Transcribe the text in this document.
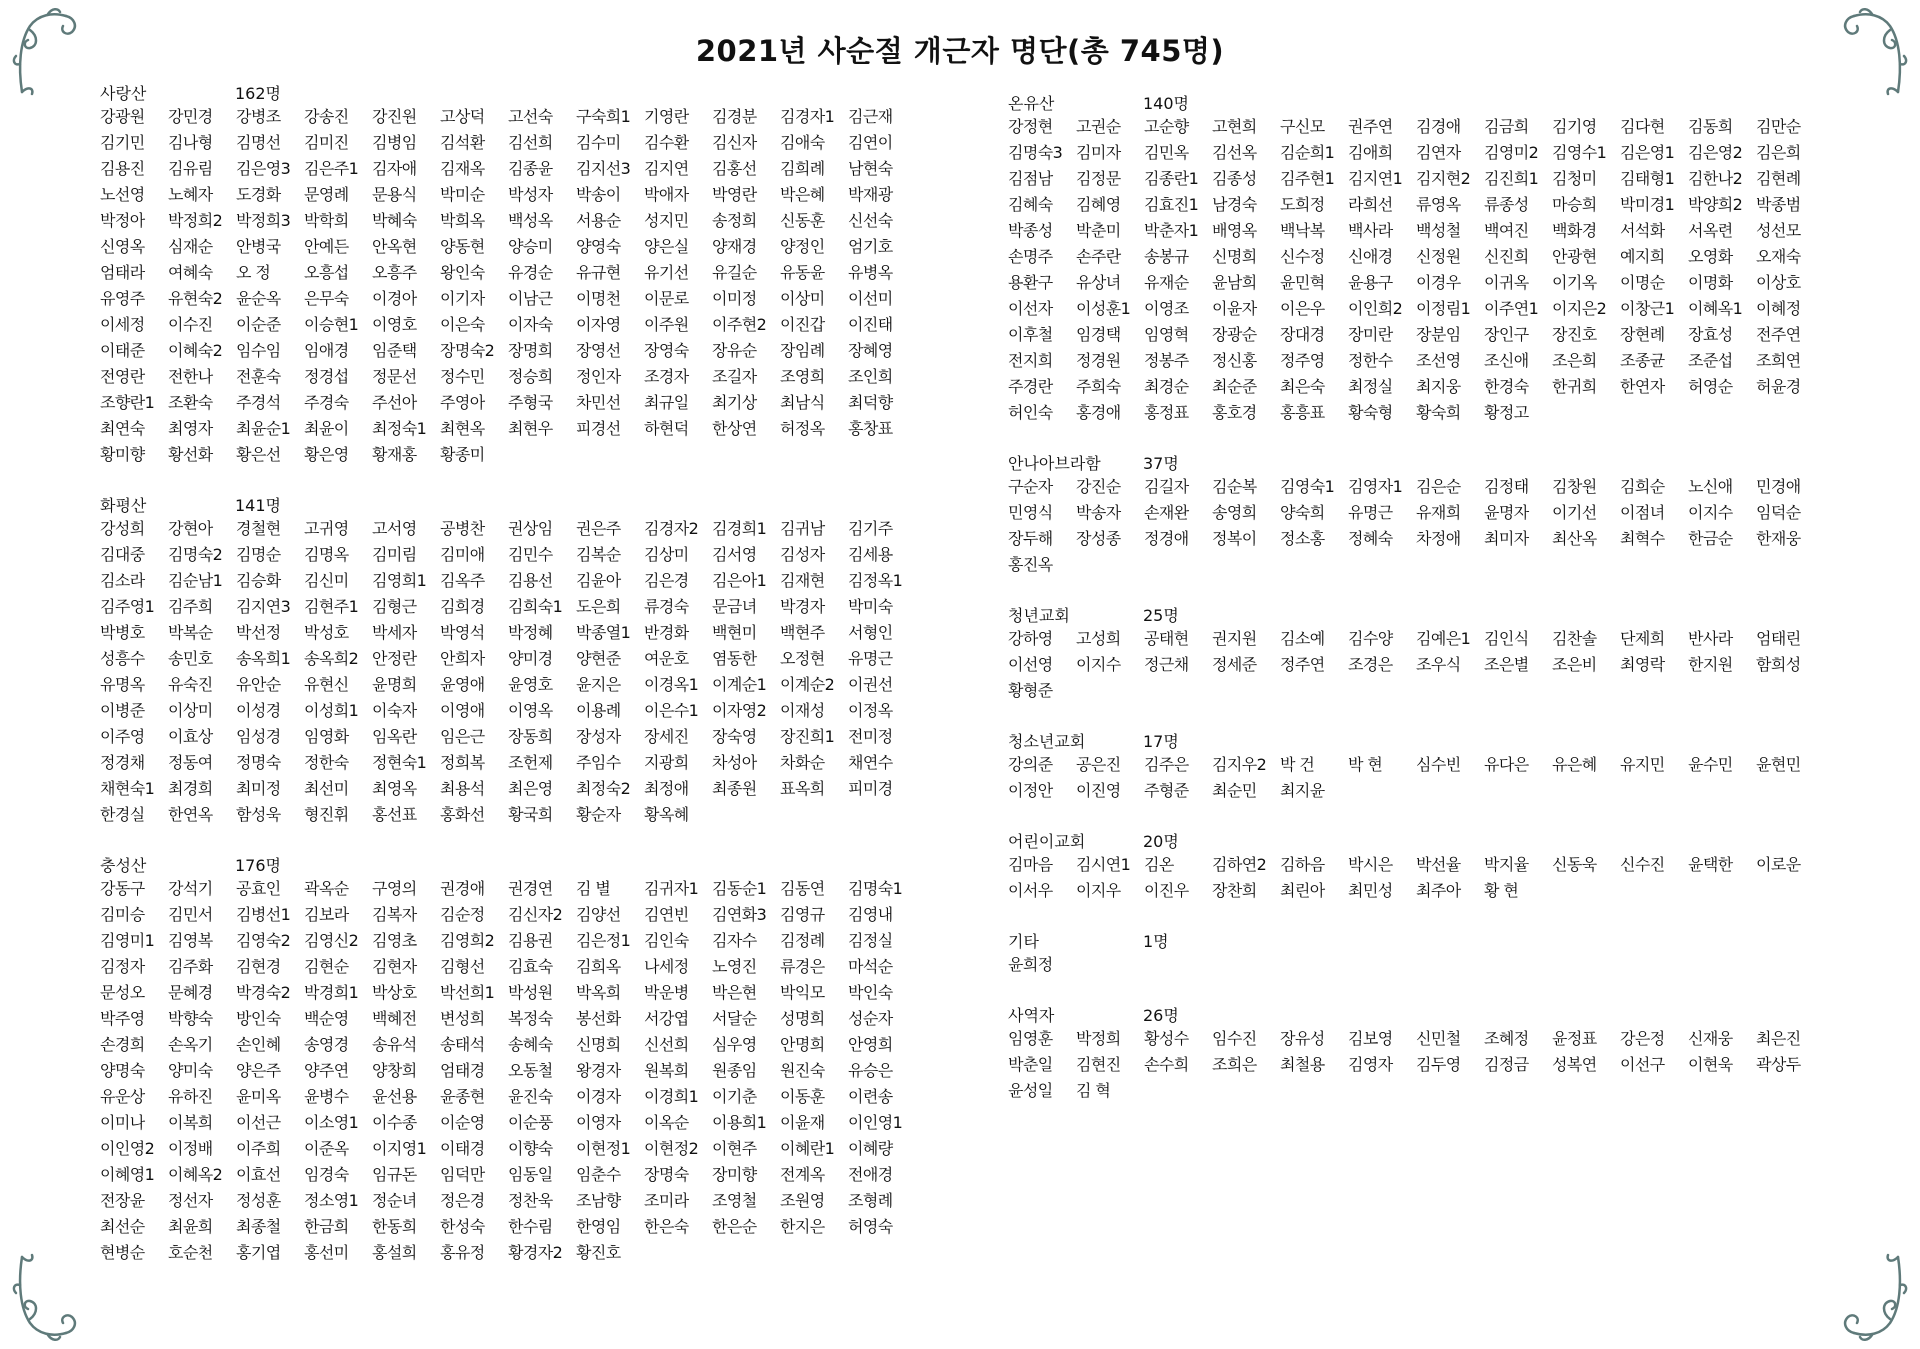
2021년 사순절 개근자 명단(총 745명)
사랑산	162명
강광원	강민경	강병조	강송진	강진원	고상덕	고선숙	구숙희1 기영란	김경분	김경자1 김근재
김기민	김나형	김명선	김미진	김병임	김석환	김선희	김수미	김수환	김신자	김애숙	김연이
김용진	김유림	김은영3 김은주1 김자애	김재옥	김종윤	김지선3 김지연	김홍선	김희례	남현숙
노선영	노혜자	도경화	문영례	문용식	박미순	박성자	박송이	박애자	박영란	박은혜	박재광
박정아	박정희2 박정희3 박학희	박혜숙	박희옥	백성옥	서용순	성지민	송정희	신동훈	신선숙
신영옥	심재순	안병국	안예든	안옥현	양동현	양승미	양영숙	양은실	양재경	양정인	엄기호
엄태라	여혜숙	오 정	오흥섭	오흥주	왕인숙	유경순	유규현	유기선	유길순	유동윤	유병옥
유영주	유현숙2 윤순옥	은무숙	이경아	이기자	이남근	이명천	이문로	이미정	이상미	이선미
이세정	이수진	이순준	이승현1 이영호	이은숙	이자숙	이자영	이주원	이주현2 이진갑	이진태
이태준	이혜숙2 임수임	임애경	임준택	장명숙2 장명희	장영선	장영숙	장유순	장임례	장혜영
전영란	전한나	전훈숙	정경섭	정문선	정수민	정승희	정인자	조경자	조길자	조영희	조인희
조향란1 조환숙	주경석	주경숙	주선아	주영아	주형국	차민선	최규일	최기상	최남식	최덕향
최연숙	최영자	최윤순1 최윤이	최정숙1 최현옥	최현우	피경선	하현덕	한상연	허정옥	홍창표
황미향	황선화	황은선	황은영	황재홍	황종미
화평산	141명
강성희	강현아	경철현	고귀영	고서영	공병찬	권상임	권은주	김경자2 김경희1 김귀남	김기주
김대중	김명숙2 김명순	김명옥	김미림	김미애	김민수	김복순	김상미	김서영	김성자	김세용
김소라	김순남1 김승화	김신미	김영희1 김옥주	김용선	김윤아	김은경	김은아1 김재현	김정옥1
김주영1 김주희	김지연3 김현주1 김형근	김희경	김희숙1 도은희	류경숙	문금녀	박경자	박미숙
박병호	박복순	박선정	박성호	박세자	박영석	박정혜	박종열1 반경화	백현미	백현주	서형인
성흥수	송민호	송옥희1 송옥희2 안정란	안희자	양미경	양현준	여운호	염동한	오정현	유명근
유명옥	유숙진	유안순	유현신	윤명희	윤영애	윤영호	윤지은	이경옥1 이계순1 이계순2 이권선
이병준	이상미	이성경	이성희1 이숙자	이영애	이영옥	이용례	이은수1 이자영2 이재성	이정옥
이주영	이효상	임성경	임영화	임옥란	임은근	장동희	장성자	장세진	장숙영	장진희1 전미정
정경채	정동여	정명숙	정한숙	정현숙1 정희복	조헌제	주임수	지광희	차성아	차화순	채연수
채현숙1 최경희	최미정	최선미	최영옥	최용석	최은영	최정숙2 최정애	최종원	표옥희	피미경
한경실	한연옥	함성욱	형진휘	홍선표	홍화선	황국희	황순자	황옥혜
충성산	176명
강동구	강석기	공효인	곽옥순	구영의	권경애	권경연	김 별	김귀자1 김동순1 김동연	김명숙1
김미승	김민서	김병선1 김보라	김복자	김순정	김신자2 김양선	김연빈	김연화3 김영규	김영내
김영미1 김영복	김영숙2 김영신2 김영초	김영희2 김용권	김은정1 김인숙	김자수	김정례	김정실
김정자	김주화	김현경	김현순	김현자	김형선	김효숙	김희옥	나세정	노영진	류경은	마석순
문성오	문혜경	박경숙2 박경희1 박상호	박선희1 박성원	박옥희	박운병	박은현	박익모	박인숙
박주영	박향숙	방인숙	백순영	백혜전	변성희	복정숙	봉선화	서강엽	서달순	성명희	성순자
손경희	손옥기	손인혜	송영경	송유석	송태석	송혜숙	신명희	신선희	심우영	안명희	안영희
양명숙	양미숙	양은주	양주연	양창희	엄태경	오동철	왕경자	원복희	원종임	원진숙	유승은
유운상	유하진	윤미옥	윤병수	윤선용	윤종현	윤진숙	이경자	이경희1 이기춘	이동훈	이련송
이미나	이복희	이선근	이소영1 이수종	이순영	이순풍	이영자	이옥순	이용희1 이윤재	이인영1
이인영2 이정배	이주희	이준옥	이지영1 이태경	이향숙	이현정1 이현정2 이현주	이혜란1 이혜량
이혜영1 이혜옥2 이효선	임경숙	임규돈	임덕만	임동일	임춘수	장명숙	장미향	전계옥	전애경
전장윤	정선자	정성훈	정소영1 정순녀	정은경	정찬욱	조남향	조미라	조영철	조원영	조형례
최선순	최윤희	최종철	한금희	한동희	한성숙	한수림	한영임	한은숙	한은순	한지은	허영숙
현병순	호순천	홍기엽	홍선미	홍설희	홍유정	황경자2 황진호
온유산	140명
강정현	고권순	고순향	고현희	구신모	권주연	김경애	김금희	김기영	김다현	김동희	김만순
김명숙3 김미자	김민옥	김선옥	김순희1 김애희	김연자	김영미2 김영수1 김은영1 김은영2 김은희
김점남	김정문	김종란1 김종성	김주현1 김지연1 김지현2 김진희1 김청미	김태형1 김한나2 김현례
김혜숙	김혜영	김효진1 남경숙	도희정	라희선	류영옥	류종성	마승희	박미경1 박양희2 박종범
박종성	박춘미	박춘자1 배영옥	백낙복	백사라	백성철	백여진	백화경	서석화	서옥련	성선모
손명주	손주란	송봉규	신명희	신수정	신애경	신정원	신진희	안광현	예지희	오영화	오재숙
용환구	유상녀	유재순	윤남희	윤민혁	윤용구	이경우	이귀옥	이기옥	이명순	이명화	이상호
이선자	이성훈1 이영조	이윤자	이은우	이인희2 이정림1 이주연1 이지은2 이창근1 이혜옥1 이혜정
이후철	임경택	임영혁	장광순	장대경	장미란	장분임	장인구	장진호	장현례	장효성	전주연
전지희	정경원	정봉주	정신홍	정주영	정한수	조선영	조신애	조은희	조종균	조준섭	조희연
주경란	주희숙	최경순	최순준	최은숙	최정실	최지웅	한경숙	한귀희	한연자	허영순	허윤경
허인숙	홍경애	홍정표	홍호경	홍흥표	황숙형	황숙희	황정고
안나아브라함	37명
구순자	강진순	김길자	김순복	김영숙1 김영자1 김은순	김정태	김창원	김희순	노신애	민경애
민영식	박송자	손재완	송영희	양숙희	유명근	유재희	윤명자	이기선	이점녀	이지수	임덕순
장두해	장성종	정경애	정복이	정소홍	정혜숙	차정애	최미자	최산옥	최혁수	한금순	한재웅
홍진옥
청년교회	25명
강하영	고성희	공태현	권지원	김소예	김수양	김예은1 김인식	김찬솔	단제희	반사라	엄태린
이선영	이지수	정근채	정세준	정주연	조경은	조우식	조은별	조은비	최영락	한지원	함희성
황형준
청소년교회	17명
강의준	공은진	김주은	김지우2 박 건	박 현	심수빈	유다은	유은혜	유지민	윤수민	윤현민
이정안	이진영	주형준	최순민	최지윤
어린이교회	20명
김마음	김시연1 김온	김하연2 김하음	박시은	박선율	박지율	신동욱	신수진	윤택한	이로운
이서우	이지우	이진우	장찬희	최린아	최민성	최주아	황 현
기타	1명
윤희정
사역자	26명
임영훈	박정희	황성수	임수진	장유성	김보영	신민철	조혜정	윤정표	강은정	신재웅	최은진
박춘일	김현진	손수희	조희은	최철용	김영자	김두영	김정금	성복연	이선구	이현욱	곽상두
윤성일	김 혁
